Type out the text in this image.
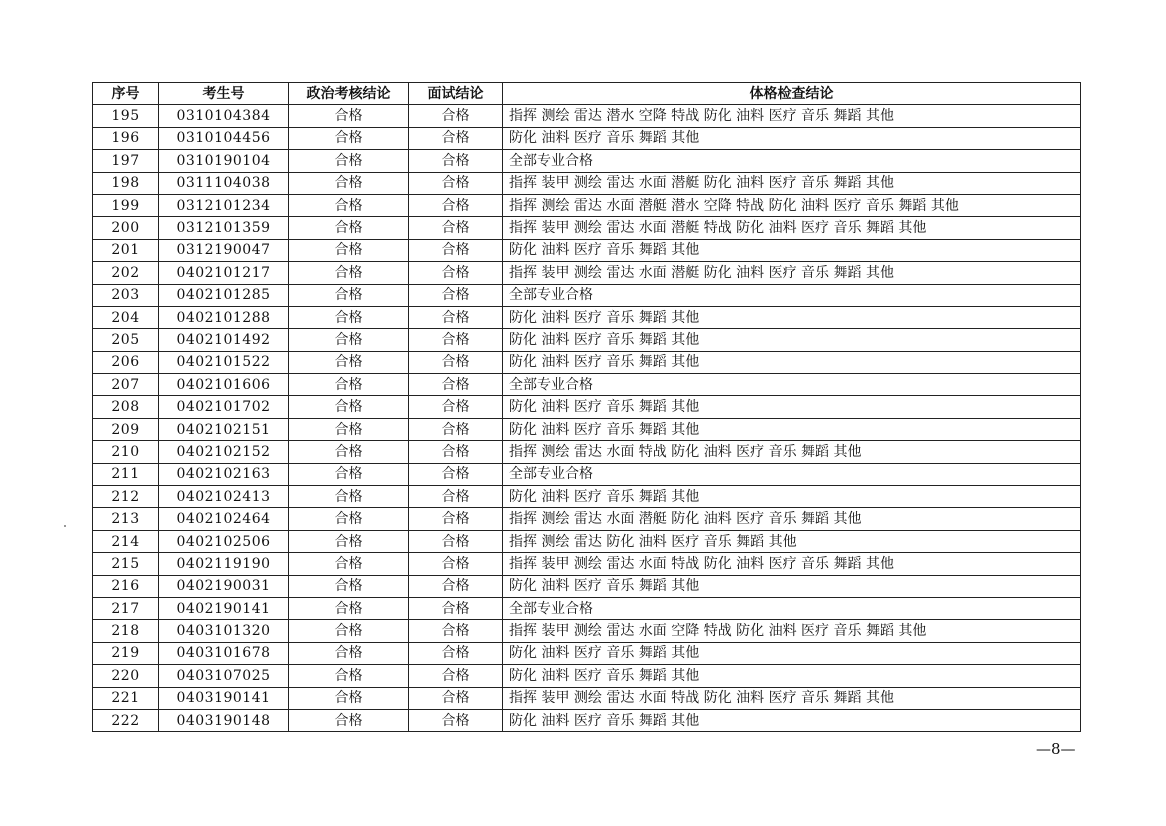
序号	考生号	政治考核结论	面试结论	体格检查结论
195	0310104384	合格	合格	指挥 测绘 雷达 潜水 空降 特战 防化 油料 医疗 音乐 舞蹈 其他
196	0310104456	合格	合格	防化 油料 医疗 音乐 舞蹈 其他
197	0310190104	合格	合格	全部专业合格
198	0311104038	合格	合格	指挥 装甲 测绘 雷达 水面 潜艇 防化 油料 医疗 音乐 舞蹈 其他
199	0312101234	合格	合格	指挥 测绘 雷达 水面 潜艇 潜水 空降 特战 防化 油料 医疗 音乐 舞蹈 其他
200	0312101359	合格	合格	指挥 装甲 测绘 雷达 水面 潜艇 特战 防化 油料 医疗 音乐 舞蹈 其他
201	0312190047	合格	合格	防化 油料 医疗 音乐 舞蹈 其他
202	0402101217	合格	合格	指挥 装甲 测绘 雷达 水面 潜艇 防化 油料 医疗 音乐 舞蹈 其他
203	0402101285	合格	合格	全部专业合格
204	0402101288	合格	合格	防化 油料 医疗 音乐 舞蹈 其他
205	0402101492	合格	合格	防化 油料 医疗 音乐 舞蹈 其他
206	0402101522	合格	合格	防化 油料 医疗 音乐 舞蹈 其他
207	0402101606	合格	合格	全部专业合格
208	0402101702	合格	合格	防化 油料 医疗 音乐 舞蹈 其他
209	0402102151	合格	合格	防化 油料 医疗 音乐 舞蹈 其他
210	0402102152	合格	合格	指挥 测绘 雷达 水面 特战 防化 油料 医疗 音乐 舞蹈 其他
211	0402102163	合格	合格	全部专业合格
212	0402102413	合格	合格	防化 油料 医疗 音乐 舞蹈 其他
213	0402102464	合格	合格	指挥 测绘 雷达 水面 潜艇 防化 油料 医疗 音乐 舞蹈 其他
214	0402102506	合格	合格	指挥 测绘 雷达 防化 油料 医疗 音乐 舞蹈 其他
215	0402119190	合格	合格	指挥 装甲 测绘 雷达 水面 特战 防化 油料 医疗 音乐 舞蹈 其他
216	0402190031	合格	合格	防化 油料 医疗 音乐 舞蹈 其他
217	0402190141	合格	合格	全部专业合格
218	0403101320	合格	合格	指挥 装甲 测绘 雷达 水面 空降 特战 防化 油料 医疗 音乐 舞蹈 其他
219	0403101678	合格	合格	防化 油料 医疗 音乐 舞蹈 其他
220	0403107025	合格	合格	防化 油料 医疗 音乐 舞蹈 其他
221	0403190141	合格	合格	指挥 装甲 测绘 雷达 水面 特战 防化 油料 医疗 音乐 舞蹈 其他
222	0403190148	合格	合格	防化 油料 医疗 音乐 舞蹈 其他
—8—
